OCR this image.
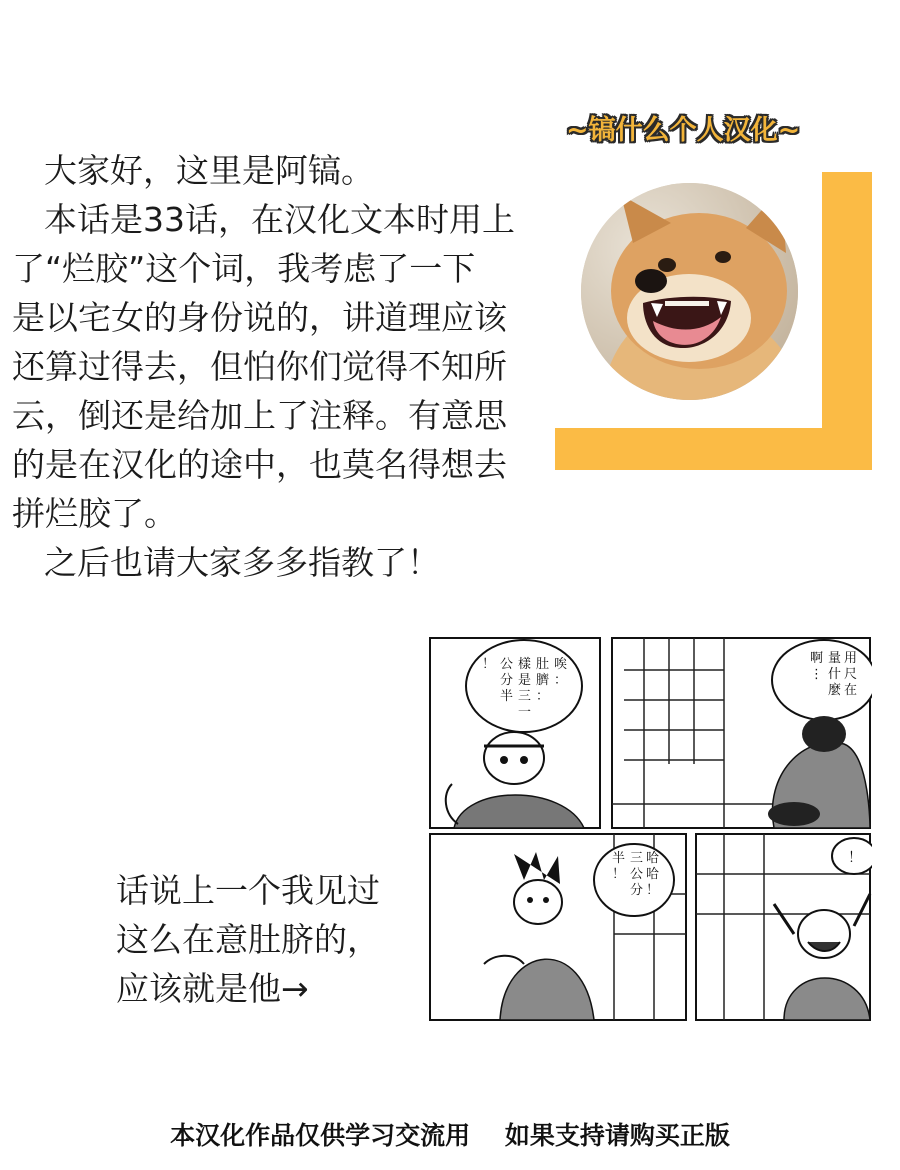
~镐什么个人汉化~

大家好，这里是阿镐。

本话是33话，在汉化文本时用上

了“烂胶”这个词，我考虑了一下

是以宅女的身份说的，讲道理应该

还算过得去，但怕你们觉得不知所

云，倒还是给加上了注释。有意思

的是在汉化的途中，也莫名得想去

拼烂胶了。

之后也请大家多多指教了！

话说上一个我见过

这么在意肚脐的，

应该就是他→

唉
：
肚
臍
：
樣
是
三
一
公
分
半
！	用
尺
量
什
麼 在
啊
⋮
哈
哈
！
三
公
分
半
！
！
本汉化作品仅供学习交流用    如果支持请购买正版
